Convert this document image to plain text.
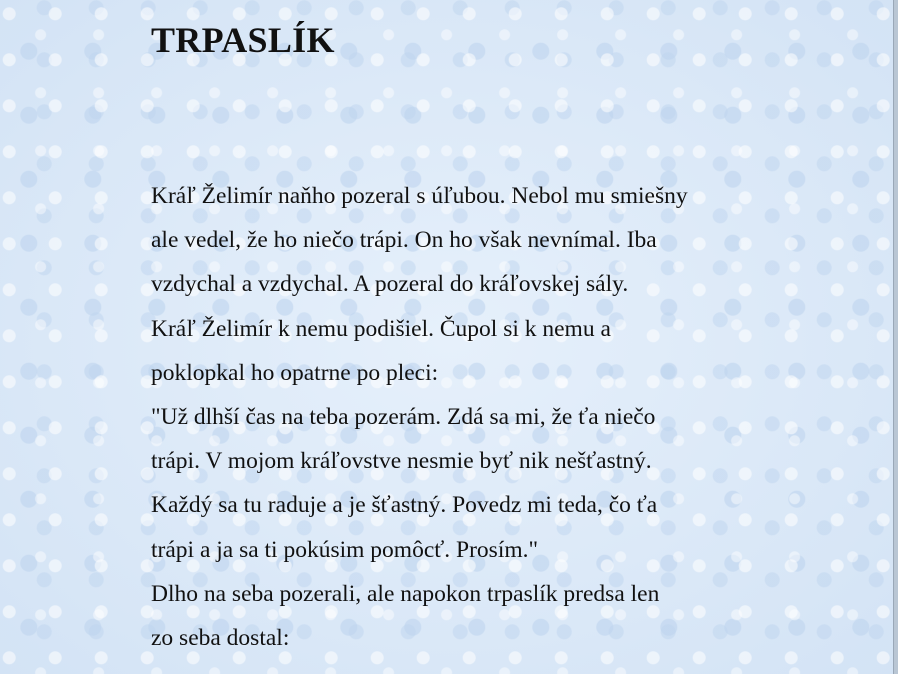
TRPASLÍK
Kráľ Želimír naňho pozeral s úľubou. Nebol mu smiešny
ale vedel, že ho niečo trápi. On ho však nevnímal. Iba
vzdychal a vzdychal. A pozeral do kráľovskej sály.
Kráľ Želimír k nemu podišiel. Čupol si k nemu a
poklopkal ho opatrne po pleci:
"Už dlhší čas na teba pozerám. Zdá sa mi, že ťa niečo
trápi. V mojom kráľovstve nesmie byť nik nešťastný.
Každý sa tu raduje a je šťastný. Povedz mi teda, čo ťa
trápi a ja sa ti pokúsim pomôcť. Prosím."
Dlho na seba pozerali, ale napokon trpaslík predsa len
zo seba dostal:
